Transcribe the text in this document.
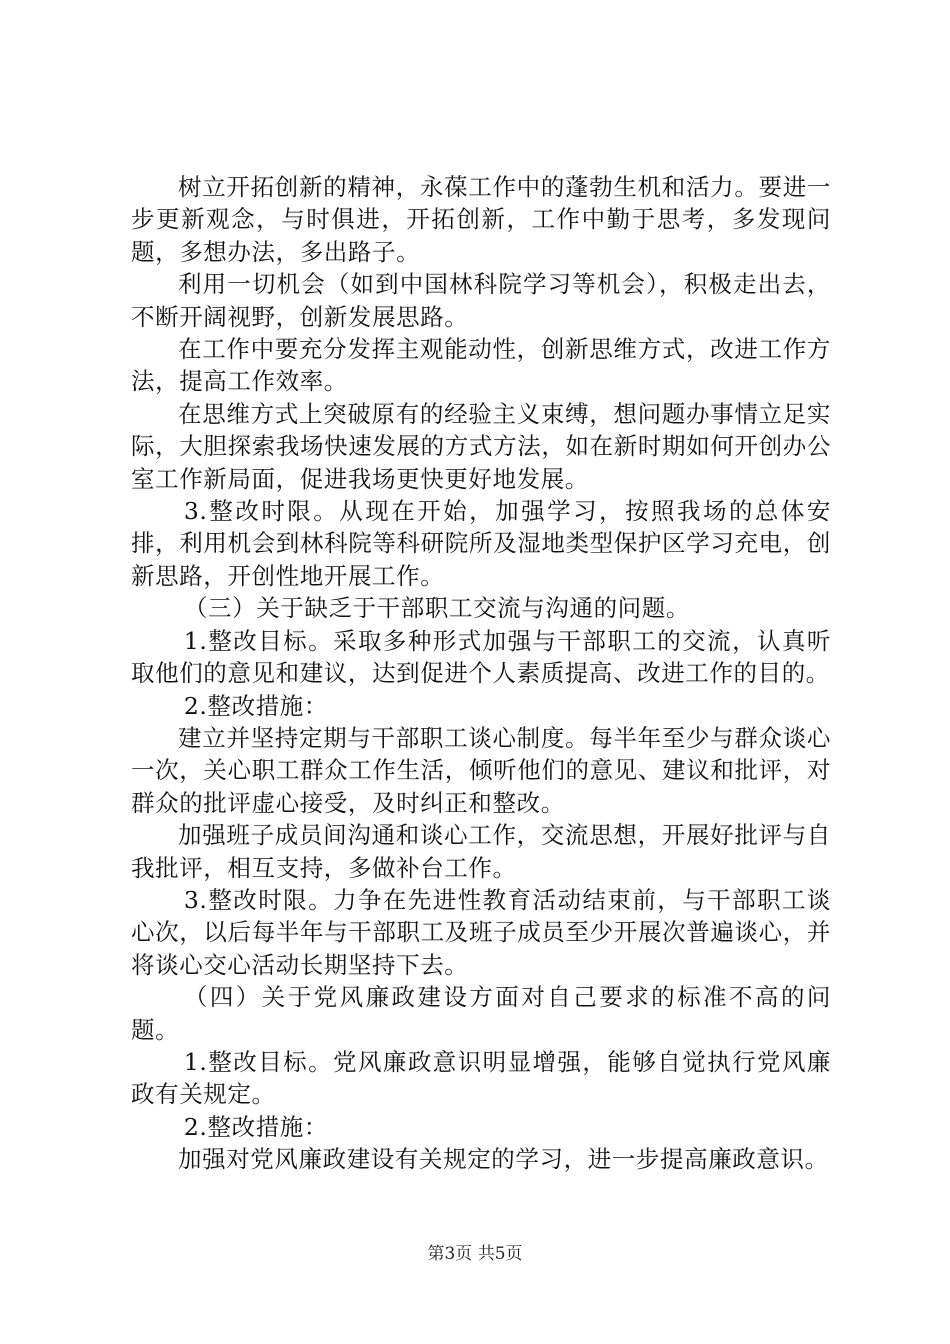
树立开拓创新的精神，永葆工作中的蓬勃生机和活力。要进一步更新观念，与时俱进，开拓创新，工作中勤于思考，多发现问题，多想办法，多出路子。

利用一切机会（如到中国林科院学习等机会），积极走出去，不断开阔视野，创新发展思路。

在工作中要充分发挥主观能动性，创新思维方式，改进工作方法，提高工作效率。

在思维方式上突破原有的经验主义束缚，想问题办事情立足实际，大胆探索我场快速发展的方式方法，如在新时期如何开创办公室工作新局面，促进我场更快更好地发展。

3.整改时限。从现在开始，加强学习，按照我场的总体安排，利用机会到林科院等科研院所及湿地类型保护区学习充电，创新思路，开创性地开展工作。

（三）关于缺乏于干部职工交流与沟通的问题。

1.整改目标。采取多种形式加强与干部职工的交流，认真听取他们的意见和建议，达到促进个人素质提高、改进工作的目的。

2.整改措施：

建立并坚持定期与干部职工谈心制度。每半年至少与群众谈心一次，关心职工群众工作生活，倾听他们的意见、建议和批评，对群众的批评虚心接受，及时纠正和整改。

加强班子成员间沟通和谈心工作，交流思想，开展好批评与自我批评，相互支持，多做补台工作。

3.整改时限。力争在先进性教育活动结束前，与干部职工谈心次，以后每半年与干部职工及班子成员至少开展次普遍谈心，并将谈心交心活动长期坚持下去。

（四）关于党风廉政建设方面对自己要求的标准不高的问题。

1.整改目标。党风廉政意识明显增强，能够自觉执行党风廉政有关规定。

2.整改措施：

加强对党风廉政建设有关规定的学习，进一步提高廉政意识。

第3页 共5页
